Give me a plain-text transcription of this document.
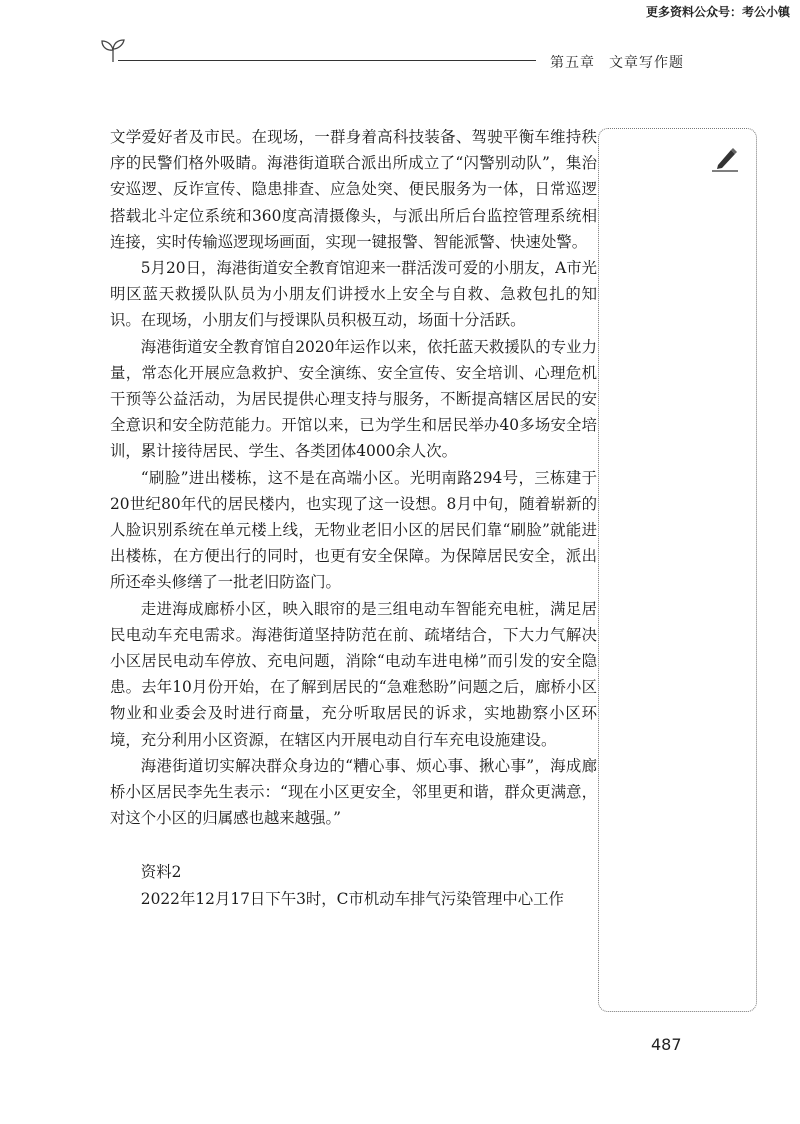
更多资料公众号：考公小镇
第五章 文章写作题

文学爱好者及市民。在现场，一群身着高科技装备、驾驶平衡车维持秩序的民警们格外吸睛。海港街道联合派出所成立了“闪警别动队”，集治安巡逻、反诈宣传、隐患排查、应急处突、便民服务为一体，日常巡逻搭载北斗定位系统和360度高清摄像头，与派出所后台监控管理系统相连接，实时传输巡逻现场画面，实现一键报警、智能派警、快速处警。

5月20日，海港街道安全教育馆迎来一群活泼可爱的小朋友，A市光明区蓝天救援队队员为小朋友们讲授水上安全与自救、急救包扎的知识。在现场，小朋友们与授课队员积极互动，场面十分活跃。

海港街道安全教育馆自2020年运作以来，依托蓝天救援队的专业力量，常态化开展应急救护、安全演练、安全宣传、安全培训、心理危机干预等公益活动，为居民提供心理支持与服务，不断提高辖区居民的安全意识和安全防范能力。开馆以来，已为学生和居民举办40多场安全培训，累计接待居民、学生、各类团体4000余人次。

“刷脸”进出楼栋，这不是在高端小区。光明南路294号，三栋建于20世纪80年代的居民楼内，也实现了这一设想。8月中旬，随着崭新的人脸识别系统在单元楼上线，无物业老旧小区的居民们靠“刷脸”就能进出楼栋，在方便出行的同时，也更有安全保障。为保障居民安全，派出所还牵头修缮了一批老旧防盗门。

走进海成廊桥小区，映入眼帘的是三组电动车智能充电桩，满足居民电动车充电需求。海港街道坚持防范在前、疏堵结合，下大力气解决小区居民电动车停放、充电问题，消除“电动车进电梯”而引发的安全隐患。去年10月份开始，在了解到居民的“急难愁盼”问题之后，廊桥小区物业和业委会及时进行商量，充分听取居民的诉求，实地勘察小区环境，充分利用小区资源，在辖区内开展电动自行车充电设施建设。

海港街道切实解决群众身边的“糟心事、烦心事、揪心事”，海成廊桥小区居民李先生表示：“现在小区更安全，邻里更和谐，群众更满意，对这个小区的归属感也越来越强。”

资料2

2022年12月17日下午3时，C市机动车排气污染管理中心工作

487
